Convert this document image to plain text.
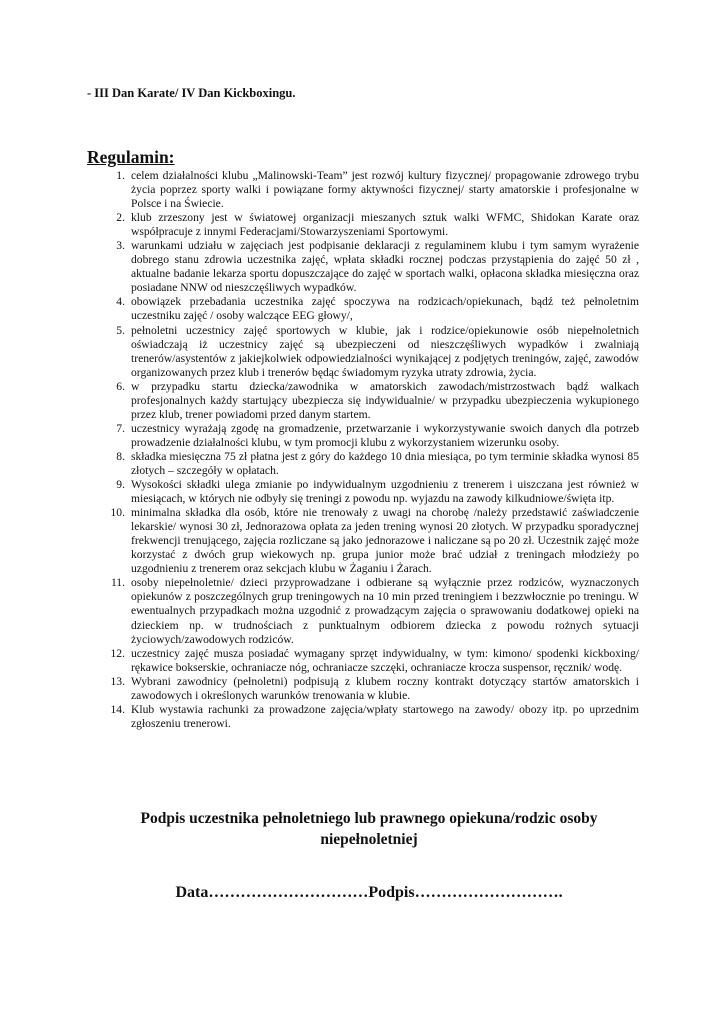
- III Dan Karate/ IV Dan Kickboxingu.
Regulamin:
1. celem działalności klubu „Malinowski-Team” jest rozwój kultury fizycznej/ propagowanie zdrowego trybu życia poprzez sporty walki i powiązane formy aktywności fizycznej/ starty amatorskie i profesjonalne w Polsce i na Świecie.
2. klub zrzeszony jest w światowej organizacji mieszanych sztuk walki WFMC, Shidokan Karate oraz współpracuje z innymi Federacjami/Stowarzyszeniami Sportowymi.
3. warunkami udziału w zajęciach jest podpisanie deklaracji z regulaminem klubu i tym samym wyrażenie dobrego stanu zdrowia uczestnika zajęć, wpłata składki rocznej podczas przystąpienia do zajęć 50 zł , aktualne badanie lekarza sportu dopuszczające do zajęć w sportach walki, opłacona składka miesięczna oraz posiadane NNW od nieszczęśliwych wypadków.
4. obowiązek przebadania uczestnika zajęć spoczywa na rodzicach/opiekunach, bądź też pełnoletnim uczestniku zajęć / osoby walczące EEG głowy/,
5. pełnoletni uczestnicy zajęć sportowych w klubie, jak i rodzice/opiekunowie osób niepełnoletnich oświadczają iż uczestnicy zajęć są ubezpieczeni od nieszczęśliwych wypadków i zwalniają trenerów/asystentów z jakiejkolwiek odpowiedzialności wynikającej z podjętych treningów, zajęć, zawodów organizowanych przez klub i trenerów będąc świadomym ryzyka utraty zdrowia, życia.
6. w przypadku startu dziecka/zawodnika w amatorskich zawodach/mistrzostwach bądź walkach profesjonalnych każdy startujący ubezpiecza się indywidualnie/ w przypadku ubezpieczenia wykupionego przez klub, trener powiadomi przed danym startem.
7. uczestnicy wyrażają zgodę na gromadzenie, przetwarzanie i wykorzystywanie swoich danych dla potrzeb prowadzenie działalności klubu, w tym promocji klubu z wykorzystaniem wizerunku osoby.
8. składka miesięczna 75 zł płatna jest z góry do każdego 10 dnia miesiąca, po tym terminie składka wynosi 85 złotych – szczegóły w opłatach.
9. Wysokości składki ulega zmianie po indywidualnym uzgodnieniu z trenerem i uiszczana jest również w miesiącach, w których nie odbyły się treningi z powodu np. wyjazdu na zawody kilkudniowe/święta itp.
10. minimalna składka dla osób, które nie trenowały z uwagi na chorobę /należy przedstawić zaświadczenie lekarskie/ wynosi 30 zł, Jednorazowa opłata za jeden trening wynosi 20 złotych. W przypadku sporadycznej frekwencji trenującego, zajęcia rozliczane są jako jednorazowe i naliczane są po 20 zł. Uczestnik zajęć może korzystać z dwóch grup wiekowych np. grupa junior może brać udział z treningach młodzieży po uzgodnieniu z trenerem oraz sekcjach klubu w Żaganiu i Żarach.
11. osoby niepełnoletnie/ dzieci przyprowadzane i odbierane są wyłącznie przez rodziców, wyznaczonych opiekunów z poszczególnych grup treningowych na 10 min przed treningiem i bezzwłocznie po treningu. W ewentualnych przypadkach można uzgodnić z prowadzącym zajęcia o sprawowaniu dodatkowej opieki na dzieckiem np. w trudnościach z punktualnym odbiorem dziecka z powodu rożnych sytuacji życiowych/zawodowych rodziców.
12. uczestnicy zajęć musza posiadać wymagany sprzęt indywidualny, w tym: kimono/ spodenki kickboxing/ rękawice bokserskie, ochraniacze nóg, ochraniacze szczęki, ochraniacze krocza suspensor, ręcznik/ wodę.
13. Wybrani zawodnicy (pełnoletni) podpisują z klubem roczny kontrakt dotyczący startów amatorskich i zawodowych i określonych warunków trenowania w klubie.
14. Klub wystawia rachunki za prowadzone zajęcia/wpłaty startowego na zawody/ obozy itp. po uprzednim zgłoszeniu trenerowi.
Podpis uczestnika pełnoletniego lub prawnego opiekuna/rodzic osoby niepełnoletniej
Data…………………………Podpis……………………….
